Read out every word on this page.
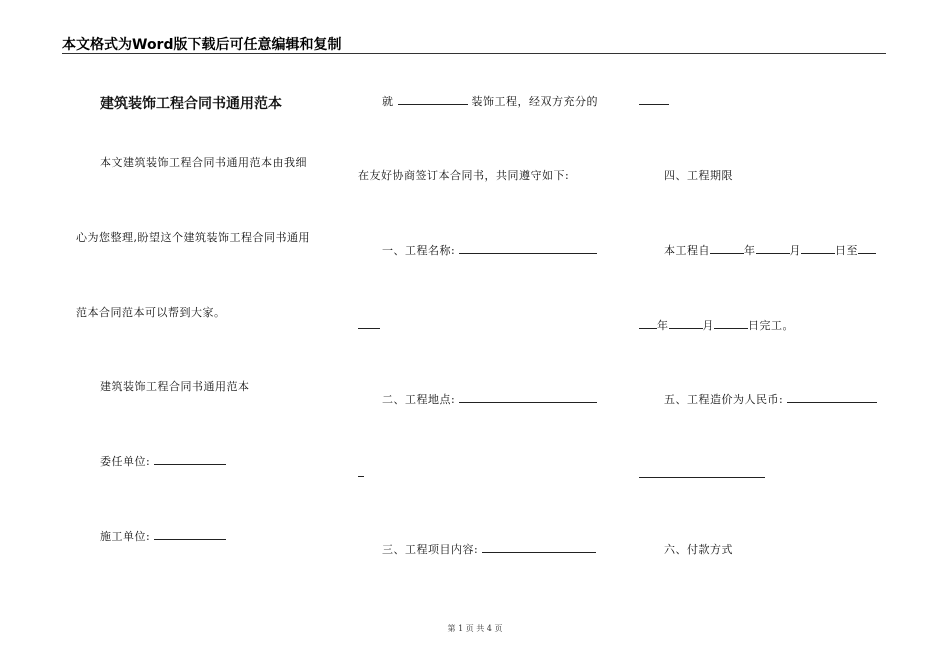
本文格式为Word版下载后可任意编辑和复制
建筑装饰工程合同书通用范本
本文建筑装饰工程合同书通用范本由我细
心为您整理,盼望这个建筑装饰工程合同书通用
范本合同范本可以帮到大家。
建筑装饰工程合同书通用范本
委任单位:
施工单位:
就	装饰工程，经双方充分的
在友好协商签订本合同书，共同遵守如下:
一、工程名称:
二、工程地点:
三、工程项目内容:
四、工程期限
本工程自	年	月	日至
年	月	日完工。
五、工程造价为人民币:
六、付款方式
第 1 页 共 4 页
